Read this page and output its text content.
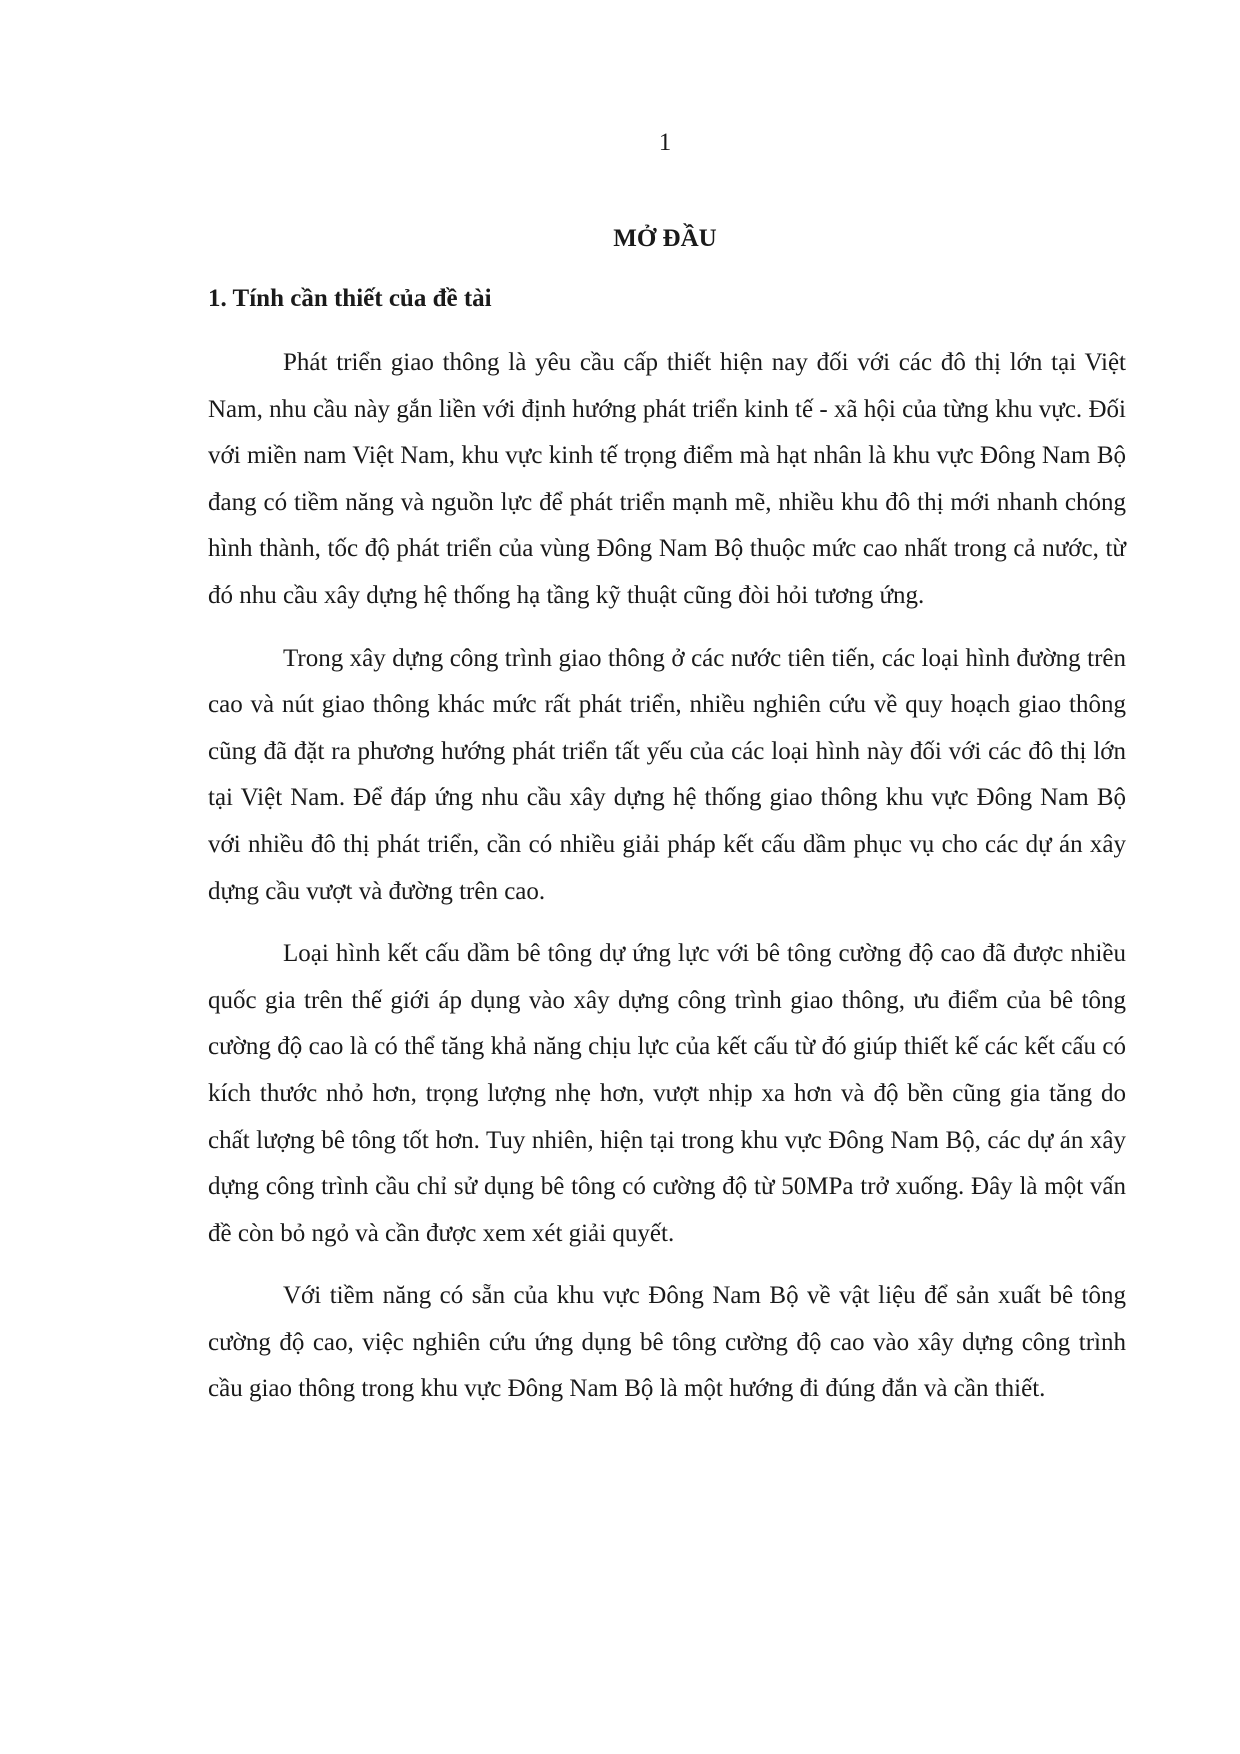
1
MỞ ĐẦU
1. Tính cần thiết của đề tài

Phát triển giao thông là yêu cầu cấp thiết hiện nay đối với các đô thị lớn tại Việt Nam, nhu cầu này gắn liền với định hướng phát triển kinh tế - xã hội của từng khu vực. Đối với miền nam Việt Nam, khu vực kinh tế trọng điểm mà hạt nhân là khu vực Đông Nam Bộ đang có tiềm năng và nguồn lực để phát triển mạnh mẽ, nhiều khu đô thị mới nhanh chóng hình thành, tốc độ phát triển của vùng Đông Nam Bộ thuộc mức cao nhất trong cả nước, từ đó nhu cầu xây dựng hệ thống hạ tầng kỹ thuật cũng đòi hỏi tương ứng.

Trong xây dựng công trình giao thông ở các nước tiên tiến, các loại hình đường trên cao và nút giao thông khác mức rất phát triển, nhiều nghiên cứu về quy hoạch giao thông cũng đã đặt ra phương hướng phát triển tất yếu của các loại hình này đối với các đô thị lớn tại Việt Nam. Để đáp ứng nhu cầu xây dựng hệ thống giao thông khu vực Đông Nam Bộ với nhiều đô thị phát triển, cần có nhiều giải pháp kết cấu dầm phục vụ cho các dự án xây dựng cầu vượt và đường trên cao.

Loại hình kết cấu dầm bê tông dự ứng lực với bê tông cường độ cao đã được nhiều quốc gia trên thế giới áp dụng vào xây dựng công trình giao thông, ưu điểm của bê tông cường độ cao là có thể tăng khả năng chịu lực của kết cấu từ đó giúp thiết kế các kết cấu có kích thước nhỏ hơn, trọng lượng nhẹ hơn, vượt nhịp xa hơn và độ bền cũng gia tăng do chất lượng bê tông tốt hơn. Tuy nhiên, hiện tại trong khu vực Đông Nam Bộ, các dự án xây dựng công trình cầu chỉ sử dụng bê tông có cường độ từ 50MPa trở xuống. Đây là một vấn đề còn bỏ ngỏ và cần được xem xét giải quyết.

Với tiềm năng có sẵn của khu vực Đông Nam Bộ về vật liệu để sản xuất bê tông cường độ cao, việc nghiên cứu ứng dụng bê tông cường độ cao vào xây dựng công trình cầu giao thông trong khu vực Đông Nam Bộ là một hướng đi đúng đắn và cần thiết.
